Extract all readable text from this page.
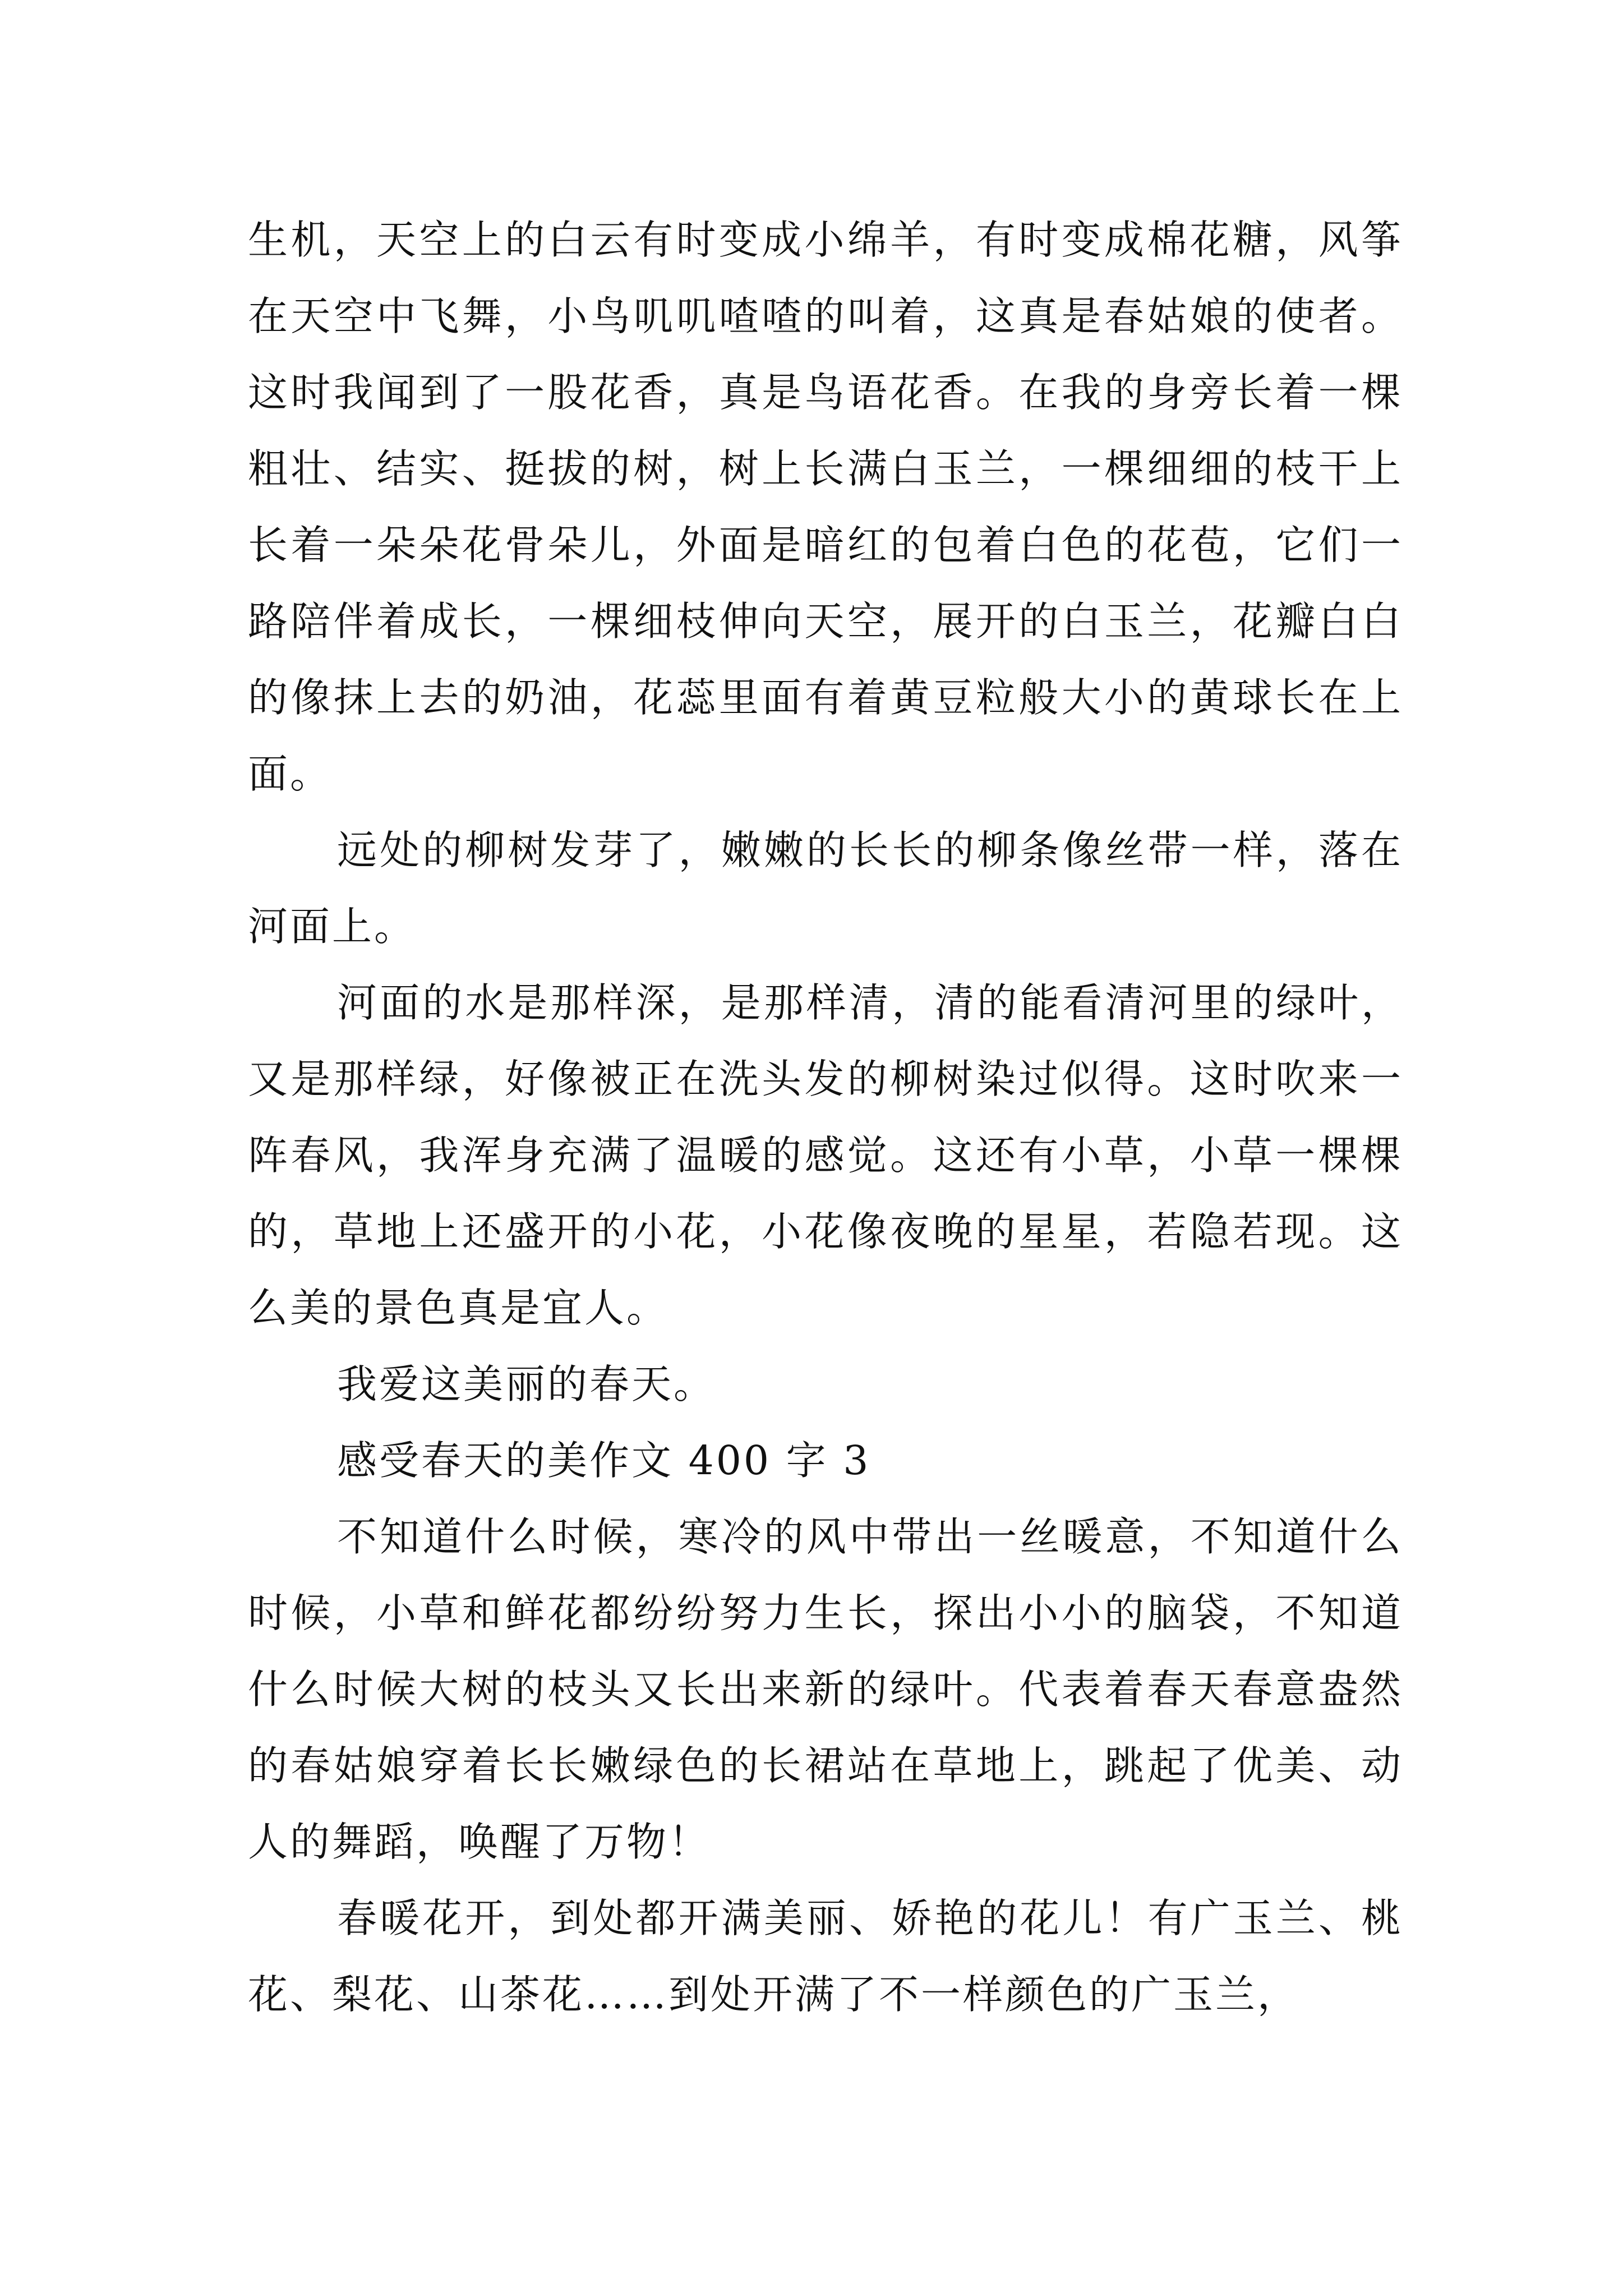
生机，天空上的白云有时变成小绵羊，有时变成棉花糖，风筝在天空中飞舞，小鸟叽叽喳喳的叫着，这真是春姑娘的使者。这时我闻到了一股花香，真是鸟语花香。在我的身旁长着一棵粗壮、结实、挺拔的树，树上长满白玉兰，一棵细细的枝干上长着一朵朵花骨朵儿，外面是暗红的包着白色的花苞，它们一路陪伴着成长，一棵细枝伸向天空，展开的白玉兰，花瓣白白的像抹上去的奶油，花蕊里面有着黄豆粒般大小的黄球长在上面。

远处的柳树发芽了，嫩嫩的长长的柳条像丝带一样，落在河面上。

河面的水是那样深，是那样清，清的能看清河里的绿叶，又是那样绿，好像被正在洗头发的柳树染过似得。这时吹来一阵春风，我浑身充满了温暖的感觉。这还有小草，小草一棵棵的，草地上还盛开的小花，小花像夜晚的星星，若隐若现。这么美的景色真是宜人。

我爱这美丽的春天。

感受春天的美作文 400 字 3

不知道什么时候，寒冷的风中带出一丝暖意，不知道什么时候，小草和鲜花都纷纷努力生长，探出小小的脑袋，不知道什么时候大树的枝头又长出来新的绿叶。代表着春天春意盎然的春姑娘穿着长长嫩绿色的长裙站在草地上，跳起了优美、动人的舞蹈，唤醒了万物！

春暖花开，到处都开满美丽、娇艳的花儿！有广玉兰、桃花、梨花、山茶花……到处开满了不一样颜色的广玉兰，
